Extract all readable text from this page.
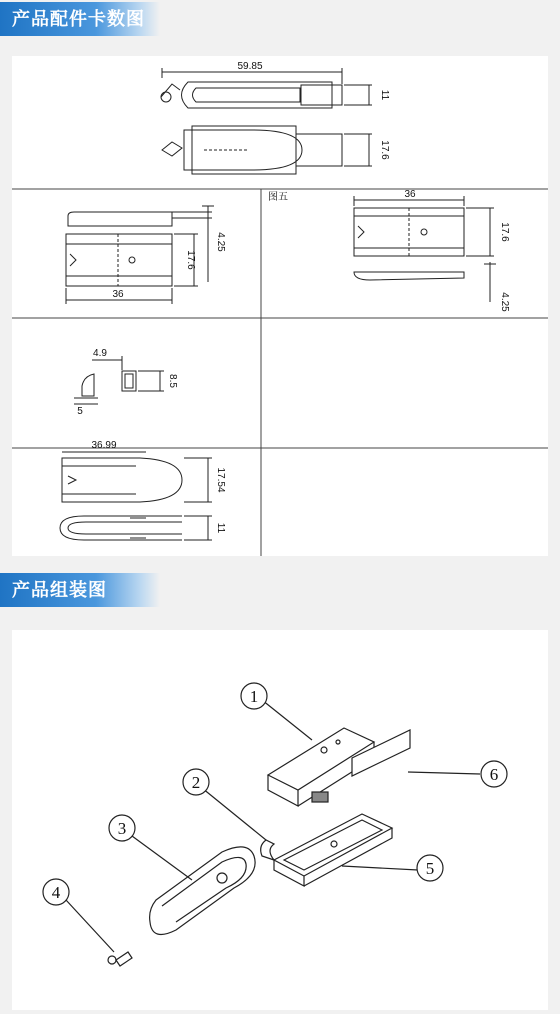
产品配件卡数图
59.85
11
17.6
图五
36
17.6
4.25
36
17.6
4.25
4.9
8.5
5
36.99
17.54
11
产品组装图
1
2
3
4
5
6
